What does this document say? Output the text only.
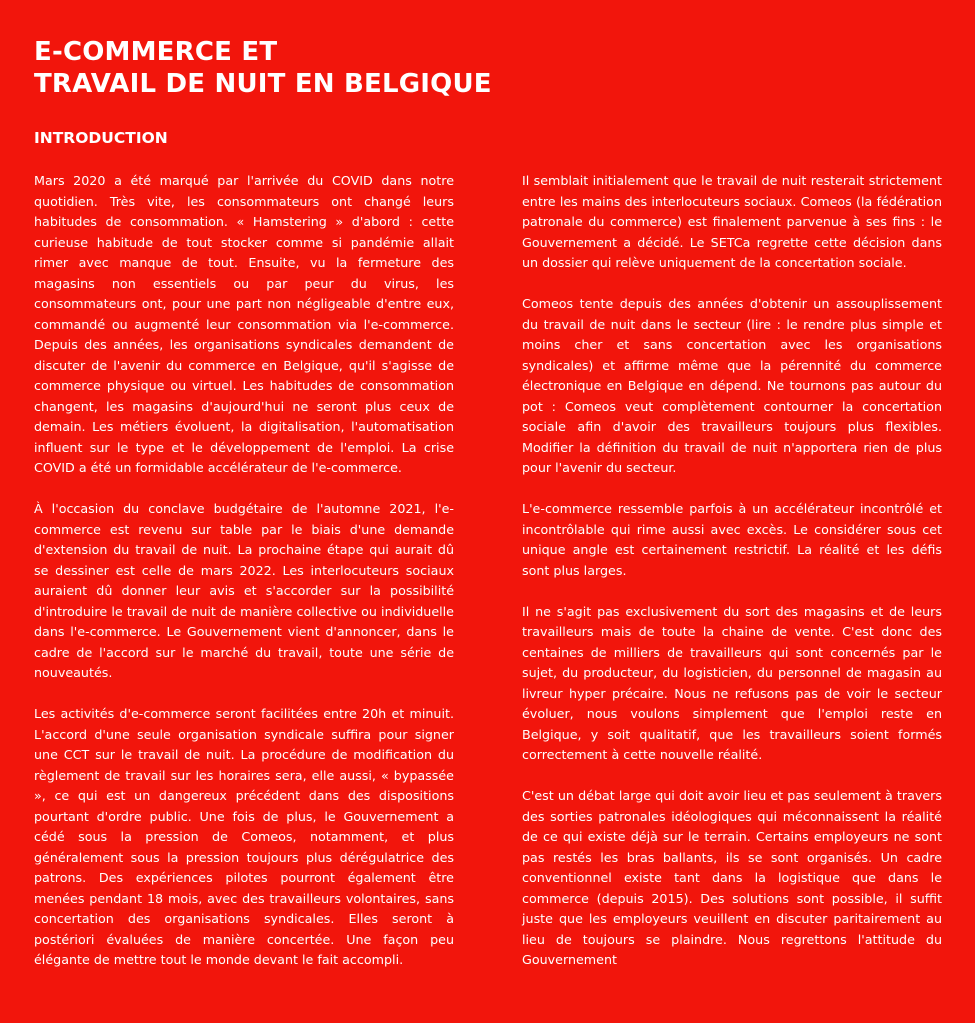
E-COMMERCE ET
TRAVAIL DE NUIT EN BELGIQUE
INTRODUCTION

Mars 2020 a été marqué par l'arrivée du COVID dans notre quotidien. Très vite, les consommateurs ont changé leurs habitudes de consommation. « Hamstering » d'abord : cette curieuse habitude de tout stocker comme si pandémie allait rimer avec manque de tout. Ensuite, vu la fermeture des magasins non essentiels ou par peur du virus, les consommateurs ont, pour une part non négligeable d'entre eux, commandé ou augmenté leur consommation via l'e-commerce. Depuis des années, les organisations syndicales demandent de discuter de l'avenir du commerce en Belgique, qu'il s'agisse de commerce physique ou virtuel. Les habitudes de consommation changent, les magasins d'aujourd'hui ne seront plus ceux de demain. Les métiers évoluent, la digitalisation, l'automatisation influent sur le type et le développement de l'emploi. La crise COVID a été un formidable accélérateur de l'e-commerce.

À l'occasion du conclave budgétaire de l'automne 2021, l'e-commerce est revenu sur table par le biais d'une demande d'extension du travail de nuit. La prochaine étape qui aurait dû se dessiner est celle de mars 2022. Les interlocuteurs sociaux auraient dû donner leur avis et s'accorder sur la possibilité d'introduire le travail de nuit de manière collective ou individuelle dans l'e-commerce. Le Gouvernement vient d'annoncer, dans le cadre de l'accord sur le marché du travail, toute une série de nouveautés.

Les activités d'e-commerce seront facilitées entre 20h et minuit. L'accord d'une seule organisation syndicale suffira pour signer une CCT sur le travail de nuit. La procédure de modification du règlement de travail sur les horaires sera, elle aussi, « bypassée », ce qui est un dangereux précédent dans des dispositions pourtant d'ordre public. Une fois de plus, le Gouvernement a cédé sous la pression de Comeos, notamment, et plus généralement sous la pression toujours plus dérégulatrice des patrons. Des expériences pilotes pourront également être menées pendant 18 mois, avec des travailleurs volontaires, sans concertation des organisations syndicales. Elles seront à postériori évaluées de manière concertée. Une façon peu élégante de mettre tout le monde devant le fait accompli.

Il semblait initialement que le travail de nuit resterait strictement entre les mains des interlocuteurs sociaux. Comeos (la fédération patronale du commerce) est finalement parvenue à ses fins : le Gouvernement a décidé. Le SETCa regrette cette décision dans un dossier qui relève uniquement de la concertation sociale.

Comeos tente depuis des années d'obtenir un assouplissement du travail de nuit dans le secteur (lire : le rendre plus simple et moins cher et sans concertation avec les organisations syndicales) et affirme même que la pérennité du commerce électronique en Belgique en dépend. Ne tournons pas autour du pot : Comeos veut complètement contourner la concertation sociale afin d'avoir des travailleurs toujours plus flexibles. Modifier la définition du travail de nuit n'apportera rien de plus pour l'avenir du secteur.

L'e-commerce ressemble parfois à un accélérateur incontrôlé et incontrôlable qui rime aussi avec excès. Le considérer sous cet unique angle est certainement restrictif. La réalité et les défis sont plus larges.

Il ne s'agit pas exclusivement du sort des magasins et de leurs travailleurs mais de toute la chaine de vente. C'est donc des centaines de milliers de travailleurs qui sont concernés par le sujet, du producteur, du logisticien, du personnel de magasin au livreur hyper précaire. Nous ne refusons pas de voir le secteur évoluer, nous voulons simplement que l'emploi reste en Belgique, y soit qualitatif, que les travailleurs soient formés correctement à cette nouvelle réalité.

C'est un débat large qui doit avoir lieu et pas seulement à travers des sorties patronales idéologiques qui méconnaissent la réalité de ce qui existe déjà sur le terrain. Certains employeurs ne sont pas restés les bras ballants, ils se sont organisés. Un cadre conventionnel existe tant dans la logistique que dans le commerce (depuis 2015). Des solutions sont possible, il suffit juste que les employeurs veuillent en discuter paritairement au lieu de toujours se plaindre. Nous regrettons l'attitude du Gouvernement
